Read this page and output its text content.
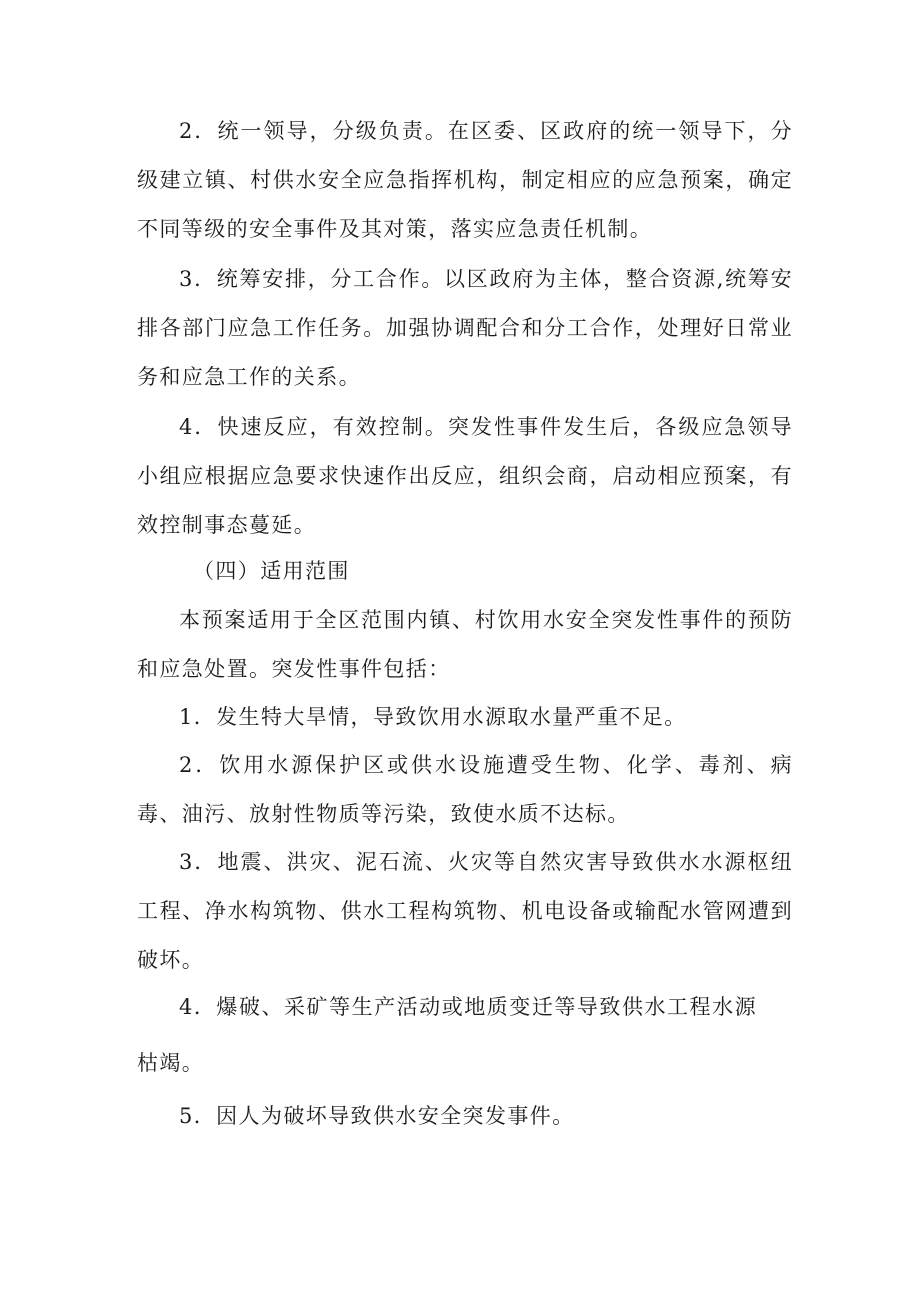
2．统一领导，分级负责。在区委、区政府的统一领导下，分级建立镇、村供水安全应急指挥机构，制定相应的应急预案，确定不同等级的安全事件及其对策，落实应急责任机制。

3．统筹安排，分工合作。以区政府为主体，整合资源,统筹安排各部门应急工作任务。加强协调配合和分工合作，处理好日常业务和应急工作的关系。

4．快速反应，有效控制。突发性事件发生后，各级应急领导小组应根据应急要求快速作出反应，组织会商，启动相应预案，有效控制事态蔓延。

（四）适用范围

本预案适用于全区范围内镇、村饮用水安全突发性事件的预防和应急处置。突发性事件包括：

1．发生特大旱情，导致饮用水源取水量严重不足。

2．饮用水源保护区或供水设施遭受生物、化学、毒剂、病毒、油污、放射性物质等污染，致使水质不达标。

3．地震、洪灾、泥石流、火灾等自然灾害导致供水水源枢纽工程、净水构筑物、供水工程构筑物、机电设备或输配水管网遭到破坏。

4．爆破、采矿等生产活动或地质变迁等导致供水工程水源枯竭。

5．因人为破坏导致供水安全突发事件。
